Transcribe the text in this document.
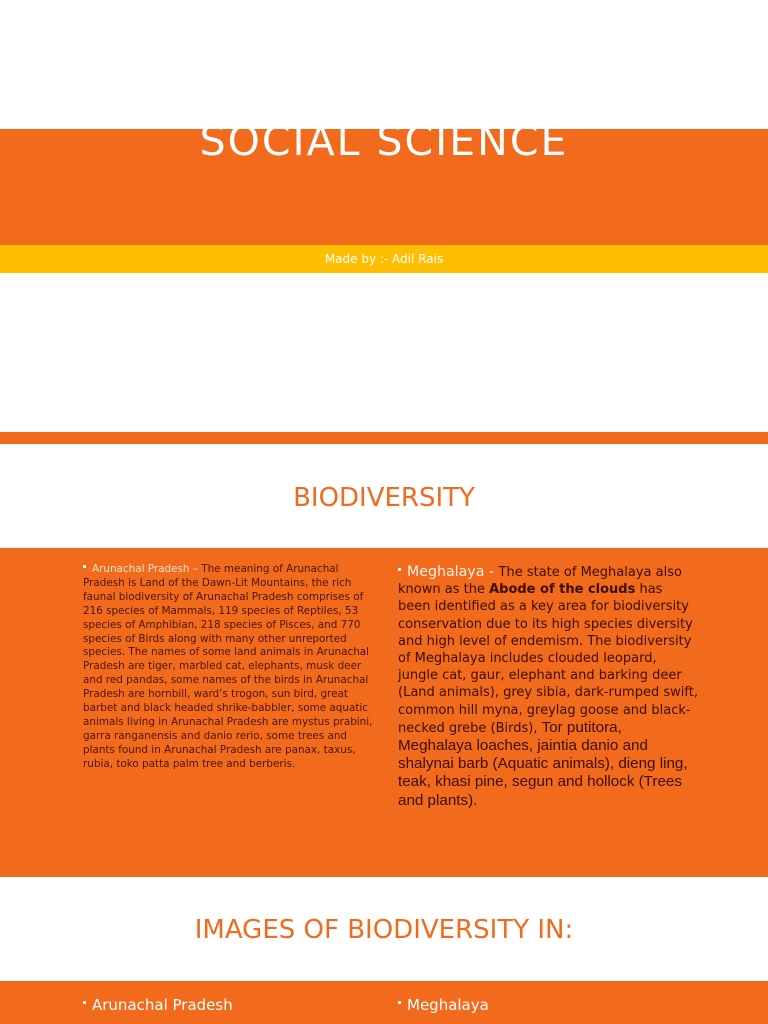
SOCIAL SCIENCE
Made by :- Adil Rais
BIODIVERSITY
Arunachal Pradesh – The meaning of Arunachal Pradesh is Land of the Dawn-Lit Mountains, the rich faunal biodiversity of Arunachal Pradesh comprises of 216 species of Mammals, 119 species of Reptiles, 53 species of Amphibian, 218 species of Pisces, and 770 species of Birds along with many other unreported species. The names of some land animals in Arunachal Pradesh are tiger, marbled cat, elephants, musk deer and red pandas, some names of the birds in Arunachal Pradesh are hornbill, ward’s trogon, sun bird, great barbet and black headed shrike-babbler, some aquatic animals living in Arunachal Pradesh are mystus prabini, garra ranganensis and danio rerio, some trees and plants found in Arunachal Pradesh are panax, taxus, rubia, toko patta palm tree and berberis.
Meghalaya - The state of Meghalaya also known as the Abode of the clouds has been identified as a key area for biodiversity conservation due to its high species diversity and high level of endemism. The biodiversity of Meghalaya includes clouded leopard, jungle cat, gaur, elephant and barking deer (Land animals), grey sibia, dark-rumped swift, common hill myna, greylag goose and black-necked grebe (Birds), Tor putitora, Meghalaya loaches, jaintia danio and shalynai barb (Aquatic animals), dieng ling, teak, khasi pine, segun and hollock (Trees and plants).
IMAGES OF BIODIVERSITY IN:
Arunachal Pradesh	Meghalaya
